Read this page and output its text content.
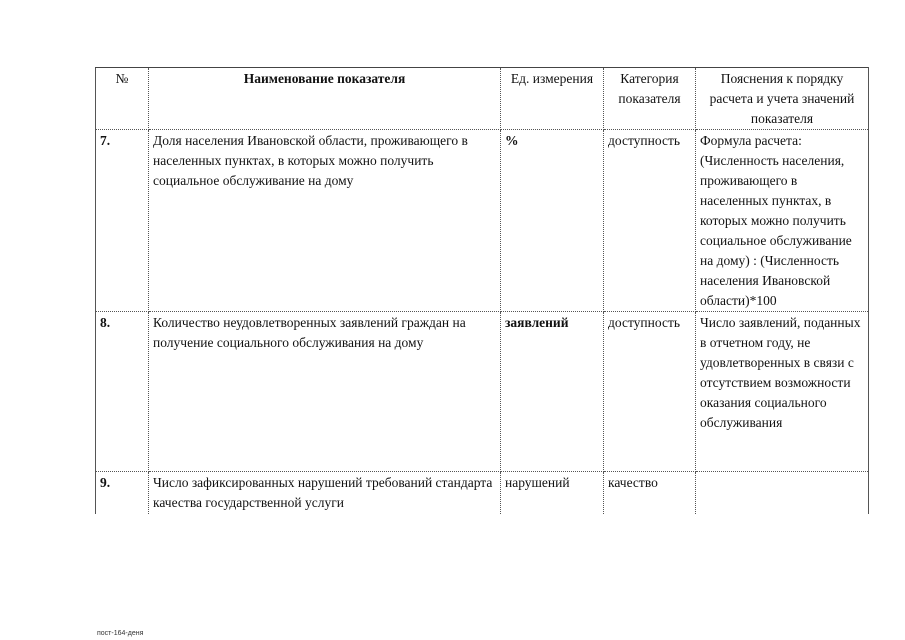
№	Наименование показателя	Ед. измерения	Категория показателя	Пояснения к порядку расчета и учета значений показателя
7.	Доля населения Ивановской области, проживающего в населенных пунктах, в которых можно получить социальное обслуживание на дому	%	доступность	Формула расчета: (Численность населения, проживающего в населенных пунктах, в которых можно получить социальное обслуживание на дому) : (Численность населения Ивановской области)*100
8.	Количество неудовлетворенных заявлений граждан на получение социального обслуживания на дому	заявлений	доступность	Число заявлений, поданных в отчетном году, не удовлетворенных в связи с отсутствием возможности оказания социального обслуживания
9.	Число зафиксированных нарушений требований стандарта качества государственной услуги	нарушений	качество	
пост-164-деня
